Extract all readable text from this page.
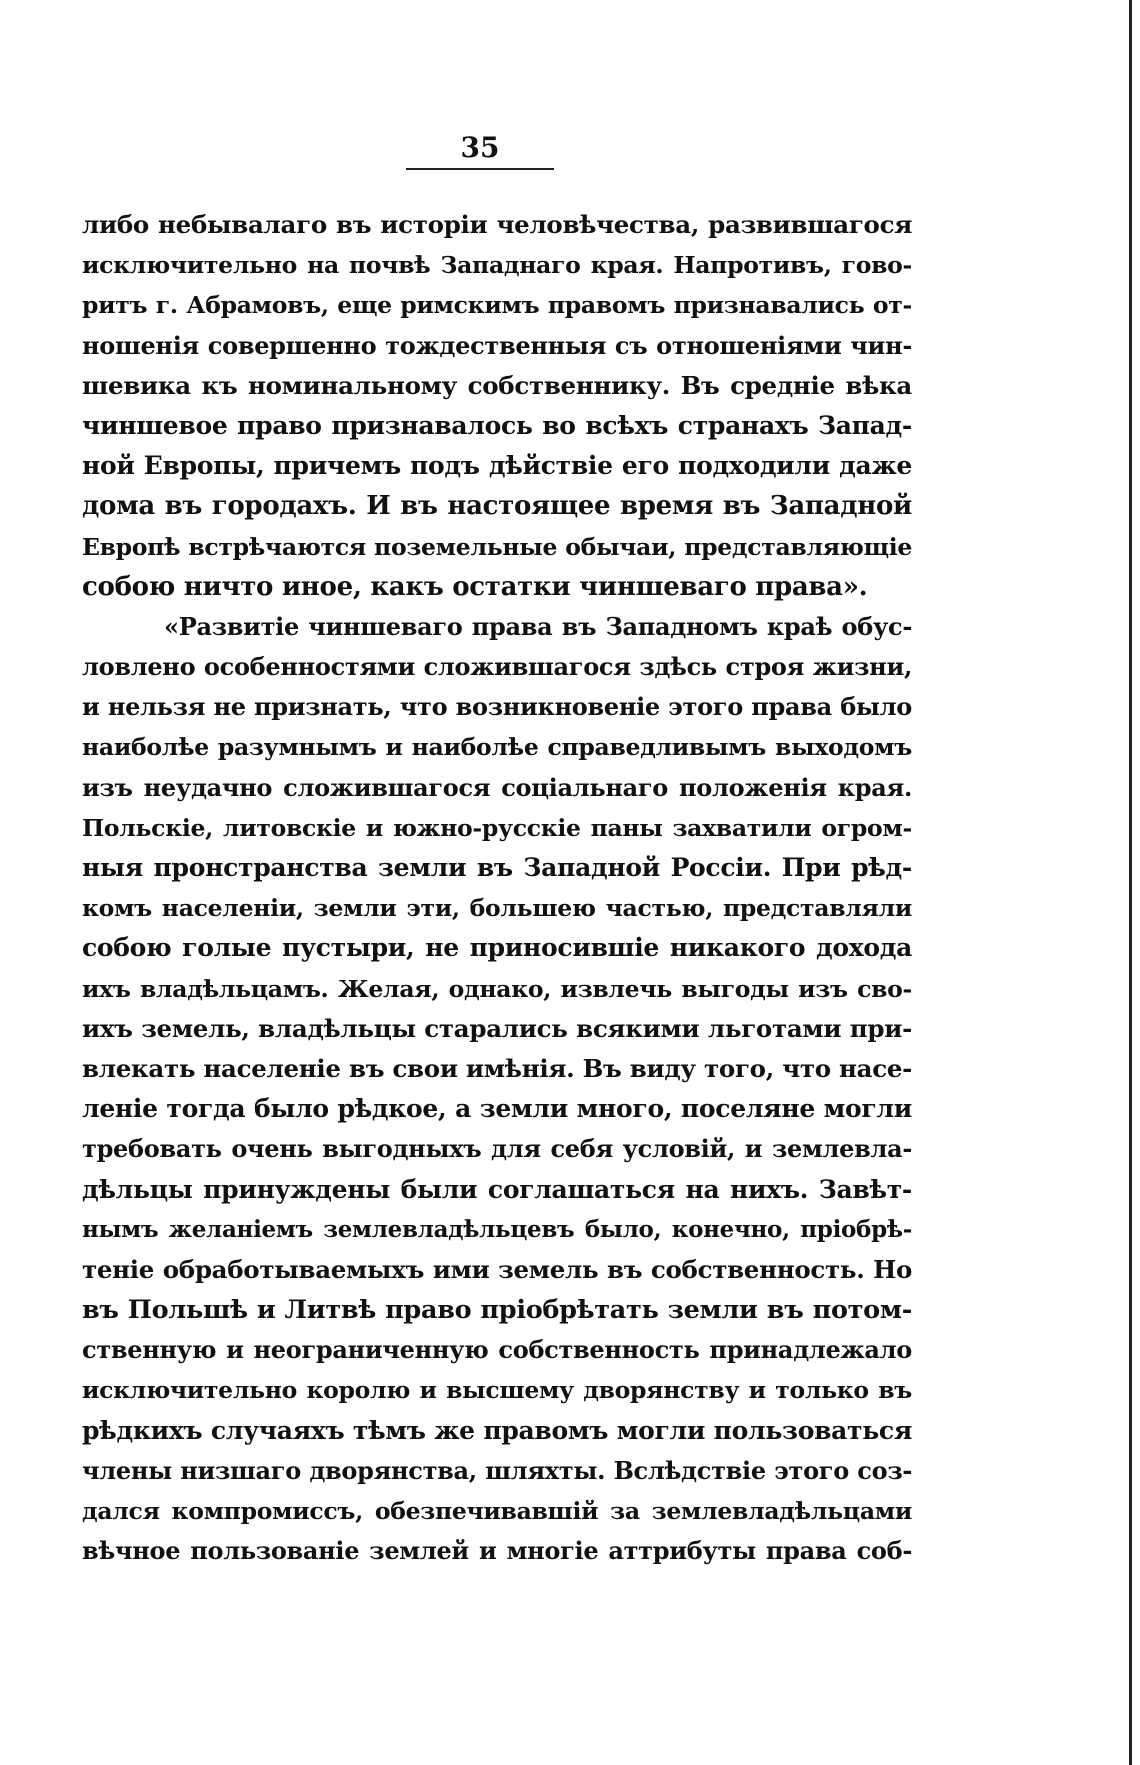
35
либо небывалаго въ исторіи человѣчества, развившагося
исключительно на почвѣ Западнаго края. Напротивъ, гово-
ритъ г. Абрамовъ, еще римскимъ правомъ признавались от-
ношенія совершенно тождественныя съ отношеніями чин-
шевика къ номинальному собственнику. Въ средніе вѣка
чиншевое право признавалось во всѣхъ странахъ Запад-
ной Европы, причемъ подъ дѣйствіе его подходили даже
дома въ городахъ. И въ настоящее время въ Западной
Европѣ встрѣчаются поземельные обычаи, представляющіе
собою ничто иное, какъ остатки чиншеваго права».
«Развитіе чиншеваго права въ Западномъ краѣ обус-
ловлено особенностями сложившагося здѣсь строя жизни,
и нельзя не признать, что возникновеніе этого права было
наиболѣе разумнымъ и наиболѣе справедливымъ выходомъ
изъ неудачно сложившагося соціальнаго положенія края.
Польскіе, литовскіе и южно-русскіе паны захватили огром-
ныя пронстранства земли въ Западной Россіи. При рѣд-
комъ населеніи, земли эти, большею частью, представляли
собою голые пустыри, не приносившіе никакого дохода
ихъ владѣльцамъ. Желая, однако, извлечь выгоды изъ сво-
ихъ земель, владѣльцы старались всякими льготами при-
влекать населеніе въ свои имѣнія. Въ виду того, что насе-
леніе тогда было рѣдкое, а земли много, поселяне могли
требовать очень выгодныхъ для себя условій, и землевла-
дѣльцы принуждены были соглашаться на нихъ. Завѣт-
нымъ желаніемъ землевладѣльцевъ было, конечно, пріобрѣ-
теніе обработываемыхъ ими земель въ собственность. Но
въ Польшѣ и Литвѣ право пріобрѣтать земли въ потом-
ственную и неограниченную собственность принадлежало
исключительно королю и высшему дворянству и только въ
рѣдкихъ случаяхъ тѣмъ же правомъ могли пользоваться
члены низшаго дворянства, шляхты. Вслѣдствіе этого соз-
дался компромиссъ, обезпечивавшій за землевладѣльцами
вѣчное пользованіе землей и многіе аттрибуты права соб-
